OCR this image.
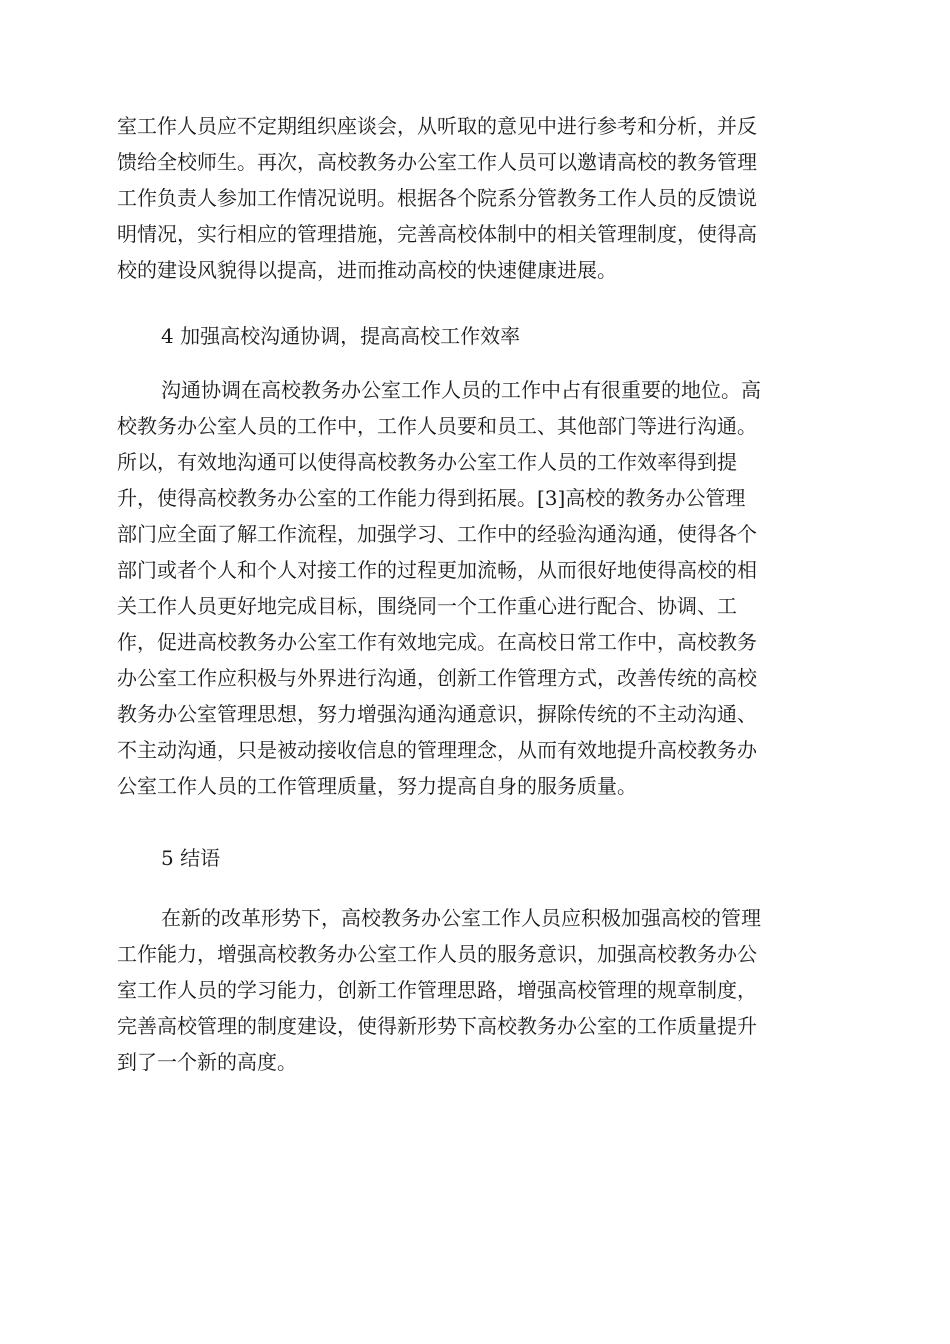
室工作人员应不定期组织座谈会，从听取的意见中进行参考和分析，并反
馈给全校师生。再次，高校教务办公室工作人员可以邀请高校的教务管理
工作负责人参加工作情况说明。根据各个院系分管教务工作人员的反馈说
明情况，实行相应的管理措施，完善高校体制中的相关管理制度，使得高
校的建设风貌得以提高，进而推动高校的快速健康进展。
4 加强高校沟通协调，提高高校工作效率
沟通协调在高校教务办公室工作人员的工作中占有很重要的地位。高
校教务办公室人员的工作中，工作人员要和员工、其他部门等进行沟通。
所以，有效地沟通可以使得高校教务办公室工作人员的工作效率得到提
升，使得高校教务办公室的工作能力得到拓展。[3]高校的教务办公管理
部门应全面了解工作流程，加强学习、工作中的经验沟通沟通，使得各个
部门或者个人和个人对接工作的过程更加流畅，从而很好地使得高校的相
关工作人员更好地完成目标，围绕同一个工作重心进行配合、协调、工
作，促进高校教务办公室工作有效地完成。在高校日常工作中，高校教务
办公室工作应积极与外界进行沟通，创新工作管理方式，改善传统的高校
教务办公室管理思想，努力增强沟通沟通意识，摒除传统的不主动沟通、
不主动沟通，只是被动接收信息的管理理念，从而有效地提升高校教务办
公室工作人员的工作管理质量，努力提高自身的服务质量。
5 结语
在新的改革形势下，高校教务办公室工作人员应积极加强高校的管理
工作能力，增强高校教务办公室工作人员的服务意识，加强高校教务办公
室工作人员的学习能力，创新工作管理思路，增强高校管理的规章制度，
完善高校管理的制度建设，使得新形势下高校教务办公室的工作质量提升
到了一个新的高度。
